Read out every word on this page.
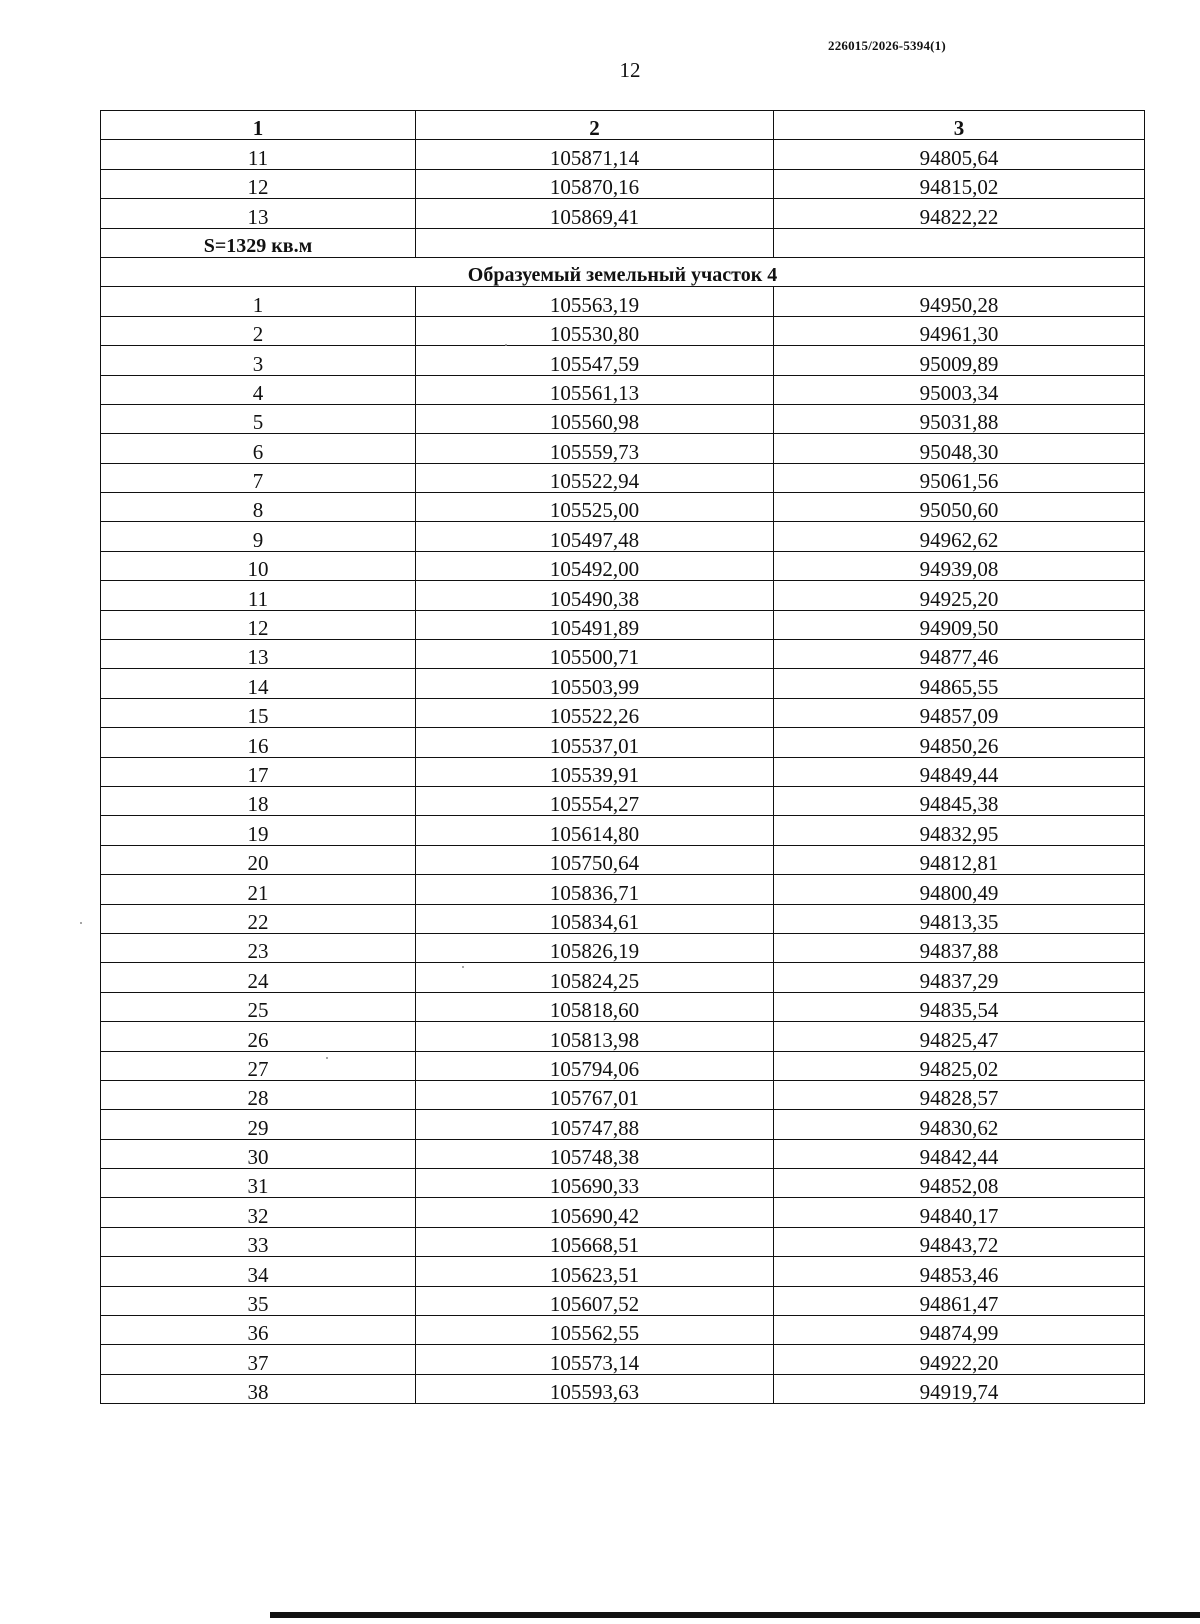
226015/2026-5394(1)
12
1	2	3
11	105871,14	94805,64
12	105870,16	94815,02
13	105869,41	94822,22
S=1329 кв.м		
Образуемый земельный участок 4		
1	105563,19	94950,28
2	105530,80	94961,30
3	105547,59	95009,89
4	105561,13	95003,34
5	105560,98	95031,88
6	105559,73	95048,30
7	105522,94	95061,56
8	105525,00	95050,60
9	105497,48	94962,62
10	105492,00	94939,08
11	105490,38	94925,20
12	105491,89	94909,50
13	105500,71	94877,46
14	105503,99	94865,55
15	105522,26	94857,09
16	105537,01	94850,26
17	105539,91	94849,44
18	105554,27	94845,38
19	105614,80	94832,95
20	105750,64	94812,81
21	105836,71	94800,49
22	105834,61	94813,35
23	105826,19	94837,88
24	105824,25	94837,29
25	105818,60	94835,54
26	105813,98	94825,47
27	105794,06	94825,02
28	105767,01	94828,57
29	105747,88	94830,62
30	105748,38	94842,44
31	105690,33	94852,08
32	105690,42	94840,17
33	105668,51	94843,72
34	105623,51	94853,46
35	105607,52	94861,47
36	105562,55	94874,99
37	105573,14	94922,20
38	105593,63	94919,74
